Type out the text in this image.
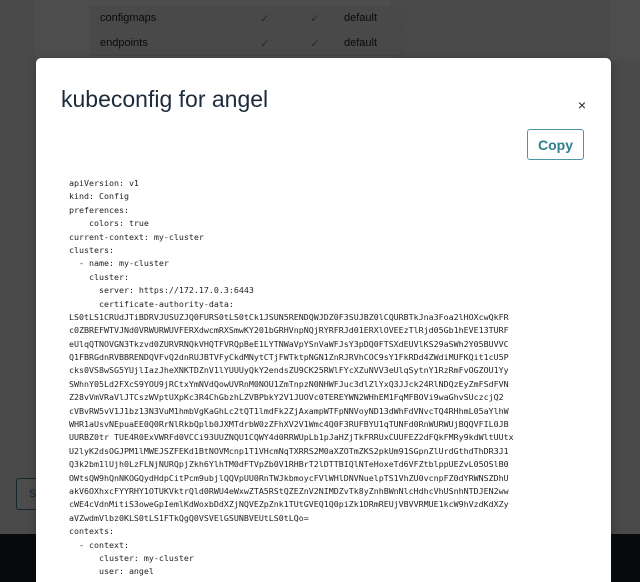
configmaps	✓	✓	default
endpoints	✓	✓	default
S
kubeconfig for angel	×
Copy
apiVersion: v1
kind: Config
preferences:
colors: true
current-context: my-cluster
clusters:
- name: my-cluster
cluster:
server: https://172.17.0.3:6443
certificate-authority-data:
LS0tLS1CRUdJTiBDRVJUSUZJQ0FURS0tLS0tCk1JSUN5RENDQWJDZ0F3SUJBZ0lCQURBTkJna3Foa2lHOXcwQkFR
c0ZBREFWTVJNd0VRWURWUVFERXdwcmRXSmwKY201bGRHVnpNQjRYRFRJd01ERXlOVEEzTlRjd05Gb1hEVE13TURF
eUlqQTNOVGN3Tkzvd0ZURVRNQkVHQTFVRQpBeE1LYTNWaVpYSnVaWFJsY3pDQ0FTSXdEUVlKS29aSWh2Y05BUVVC
Q1FBRGdnRVBBRENDQVFvQ2dnRUJBTVFyCkdMNytCTjFWTktpNGN1ZnRJRVhCOC9sY1FkRDd4ZWdiMUFKQit1cU5P
cks0VS8wSG5YUjlIazJheXNKTDZnV1lYUUUyQkY2endsZU9CK25RWlFYcXZuNVV3eUlqSytnY1RzRmFvOGZOU1Yy
SWhnY05Ld2FXcS9YOU9jRCtxYmNVdQowUVRnM0NOU1ZmTnpzN0NHWFJuc3dlZlYxQ3JJck24RlNDQzEyZmFSdFVN
Z28vVmVRaVlJTCszWVptUXpKc3R4ChGbzhLZVBPbkY2V1JUOVc0TEREYWN2WHhEM1FqMFBOVi9waGhvSUczcjQ2
cVBvRW5vV1J1bz13N3VuM1hmbVgKaGhLc2tQT1lmdFk2ZjAxampWTFpNNVoyND13dWhFdVNvcTQ4RHhmL05aYlhW
WHR1aUsvNEpuaEE0Q0RrNlRkbQplb0JXMTdrbW0zZFhXV2V1Wmc4Q0F3RUFBYU1qTUNFd0RnWURWUjBQQVFIL0JB
UURBZ0tr TUE4R0ExVWRFd0VCCi93UUZNQU1CQWY4d0RRWUpLb1pJaHZjTkFRRUxCUUFEZ2dFQkFMRy9kdWltUUtx
U2lyK2dsOGJPM1lMWEJSZFEKd1BtNOVMcnp1T1VHcmNqTXRRS2M0aXZOTmZKS2pkUm91SGpnZlUrdGthdThDR3J1
Q3k2bm1lUjh0LzFLNjNURQpjZkh6YlhTM0dFTVpZb0V1RHBrT2lDTTBIQlNTeHoxeTd6VFZtblppUEZvL05OSlB0
OWtsQW9hQnNKOGQydHdpCitPcm9ubjlQQVpUU0RnTWJkbmoycFVlWHlDNVNuelpTS1VhZU0vcnpFZ0dYRWNSZDhU
akV6OXhxcFYYRHY1OTUKVktrQld0RWU4eWxwZTA5RStQZEZnV2NIMDZvTk8yZnhBWnNlcHdhcVhUSnhNTDJEN2ww
cWE4cVdnMitiS3oweGpIemlKdWoxbDdXZjNQVEZpZnk1TUtGVEQ1Q0piZk1DRmREUjVBVVRMUE1kcW9hVzdKdXZy
aVZwdmVlbz0KLS0tLS1FTkQgQ0VSVElGSUNBVEUtLS0tLQo=
contexts:
- context:
cluster: my-cluster
user: angel
